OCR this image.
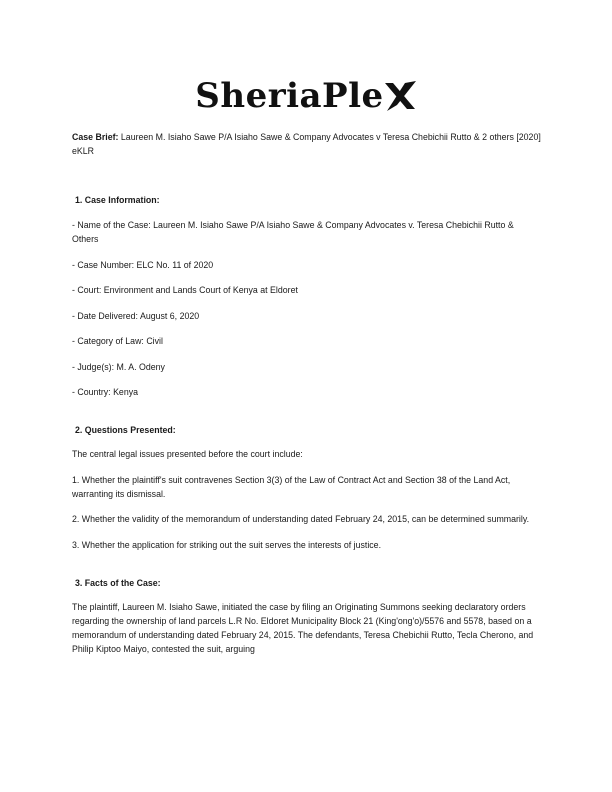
SheriaPle

Case Brief: Laureen M. Isiaho Sawe P/A Isiaho Sawe & Company Advocates v Teresa Chebichii Rutto & 2 others [2020] eKLR

1. Case Information:

- Name of the Case: Laureen M. Isiaho Sawe P/A Isiaho Sawe & Company Advocates v. Teresa Chebichii Rutto & Others

- Case Number: ELC No. 11 of 2020

- Court: Environment and Lands Court of Kenya at Eldoret

- Date Delivered: August 6, 2020

- Category of Law: Civil

- Judge(s): M. A. Odeny

- Country: Kenya

2. Questions Presented:

The central legal issues presented before the court include:

1. Whether the plaintiff's suit contravenes Section 3(3) of the Law of Contract Act and Section 38 of the Land Act, warranting its dismissal.

2. Whether the validity of the memorandum of understanding dated February 24, 2015, can be determined summarily.

3. Whether the application for striking out the suit serves the interests of justice.

3. Facts of the Case:

The plaintiff, Laureen M. Isiaho Sawe, initiated the case by filing an Originating Summons seeking declaratory orders regarding the ownership of land parcels L.R No. Eldoret Municipality Block 21 (King'ong'o)/5576 and 5578, based on a memorandum of understanding dated February 24, 2015. The defendants, Teresa Chebichii Rutto, Tecla Cherono, and Philip Kiptoo Maiyo, contested the suit, arguing
